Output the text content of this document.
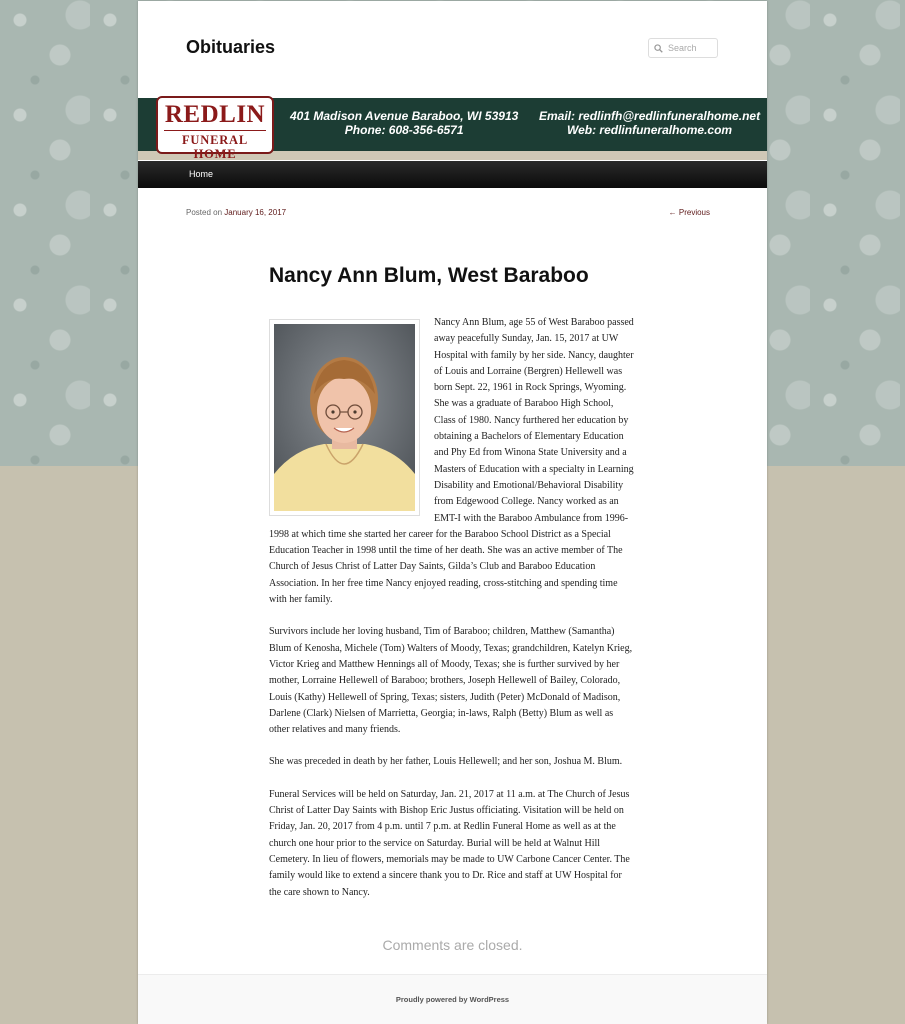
Obituaries
Search
401 Madison Avenue Baraboo, WI 53913
Phone: 608-356-6571
Email: redlinfh@redlinfuneralhome.net
Web: redlinfuneralhome.com
REDLIN
FUNERAL HOME
Home
Posted on January 16, 2017	← Previous
Nancy Ann Blum, West Baraboo

Nancy Ann Blum, age 55 of West Baraboo passed away peacefully Sunday, Jan. 15, 2017 at UW Hospital with family by her side. Nancy, daughter of Louis and Lorraine (Bergren) Hellewell was born Sept. 22, 1961 in Rock Springs, Wyoming. She was a graduate of Baraboo High School, Class of 1980. Nancy furthered her education by obtaining a Bachelors of Elementary Education and Phy Ed from Winona State University and a Masters of Education with a specialty in Learning Disability and Emotional/Behavioral Disability from Edgewood College. Nancy worked as an EMT-I with the Baraboo Ambulance from 1996-1998 at which time she started her career for the Baraboo School District as a Special Education Teacher in 1998 until the time of her death. She was an active member of The Church of Jesus Christ of Latter Day Saints, Gilda’s Club and Baraboo Education Association. In her free time Nancy enjoyed reading, cross-stitching and spending time with her family.

Survivors include her loving husband, Tim of Baraboo; children, Matthew (Samantha) Blum of Kenosha, Michele (Tom) Walters of Moody, Texas; grandchildren, Katelyn Krieg, Victor Krieg and Matthew Hennings all of Moody, Texas; she is further survived by her mother, Lorraine Hellewell of Baraboo; brothers, Joseph Hellewell of Bailey, Colorado, Louis (Kathy) Hellewell of Spring, Texas; sisters, Judith (Peter) McDonald of Madison, Darlene (Clark) Nielsen of Marrietta, Georgia; in-laws, Ralph (Betty) Blum as well as other relatives and many friends.

She was preceded in death by her father, Louis Hellewell; and her son, Joshua M. Blum.

Funeral Services will be held on Saturday, Jan. 21, 2017 at 11 a.m. at The Church of Jesus Christ of Latter Day Saints with Bishop Eric Justus officiating. Visitation will be held on Friday, Jan. 20, 2017 from 4 p.m. until 7 p.m. at Redlin Funeral Home as well as at the church one hour prior to the service on Saturday. Burial will be held at Walnut Hill Cemetery. In lieu of flowers, memorials may be made to UW Carbone Cancer Center. The family would like to extend a sincere thank you to Dr. Rice and staff at UW Hospital for the care shown to Nancy.

Comments are closed.
Proudly powered by WordPress
